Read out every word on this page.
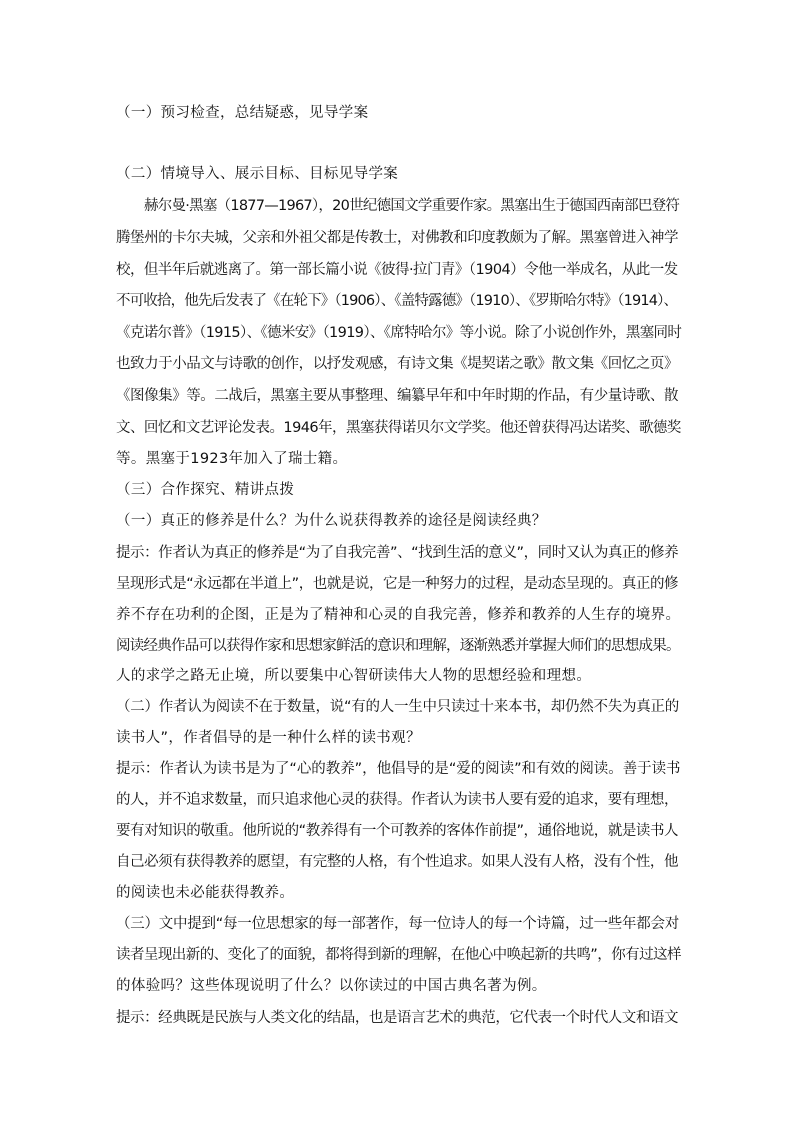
（一）预习检查，总结疑惑，见导学案
（二）情境导入、展示目标、目标见导学案
赫尔曼·黑塞（1877—1967），20世纪德国文学重要作家。黑塞出生于德国西南部巴登符
腾堡州的卡尔夫城，父亲和外祖父都是传教士，对佛教和印度教颇为了解。黑塞曾进入神学
校，但半年后就逃离了。第一部长篇小说《彼得·拉门青》（1904）令他一举成名，从此一发
不可收拾，他先后发表了《在轮下》（1906）、《盖特露德》（1910）、《罗斯哈尔特》（1914）、
《克诺尔普》（1915）、《德米安》（1919）、《席特哈尔》等小说。除了小说创作外，黑塞同时
也致力于小品文与诗歌的创作，以抒发观感，有诗文集《堤契诺之歌》散文集《回忆之页》
《图像集》等。二战后，黑塞主要从事整理、编纂早年和中年时期的作品，有少量诗歌、散
文、回忆和文艺评论发表。1946年，黑塞获得诺贝尔文学奖。他还曾获得冯达诺奖、歌德奖
等。黑塞于1923年加入了瑞士籍。
（三）合作探究、精讲点拨
（一）真正的修养是什么？为什么说获得教养的途径是阅读经典？
提示：作者认为真正的修养是“为了自我完善”、“找到生活的意义”，同时又认为真正的修养
呈现形式是“永远都在半道上”，也就是说，它是一种努力的过程，是动态呈现的。真正的修
养不存在功利的企图，正是为了精神和心灵的自我完善，修养和教养的人生存的境界。
阅读经典作品可以获得作家和思想家鲜活的意识和理解，逐渐熟悉并掌握大师们的思想成果。
人的求学之路无止境，所以要集中心智研读伟大人物的思想经验和理想。
（二）作者认为阅读不在于数量，说“有的人一生中只读过十来本书，却仍然不失为真正的
读书人”，作者倡导的是一种什么样的读书观？
提示：作者认为读书是为了“心的教养”，他倡导的是“爱的阅读”和有效的阅读。善于读书
的人，并不追求数量，而只追求他心灵的获得。作者认为读书人要有爱的追求，要有理想，
要有对知识的敬重。他所说的“教养得有一个可教养的客体作前提”，通俗地说，就是读书人
自己必须有获得教养的愿望，有完整的人格，有个性追求。如果人没有人格，没有个性，他
的阅读也未必能获得教养。
（三）文中提到“每一位思想家的每一部著作，每一位诗人的每一个诗篇，过一些年都会对
读者呈现出新的、变化了的面貌，都将得到新的理解，在他心中唤起新的共鸣”，你有过这样
的体验吗？这些体现说明了什么？以你读过的中国古典名著为例。
提示：经典既是民族与人类文化的结晶，也是语言艺术的典范，它代表一个时代人文和语文
